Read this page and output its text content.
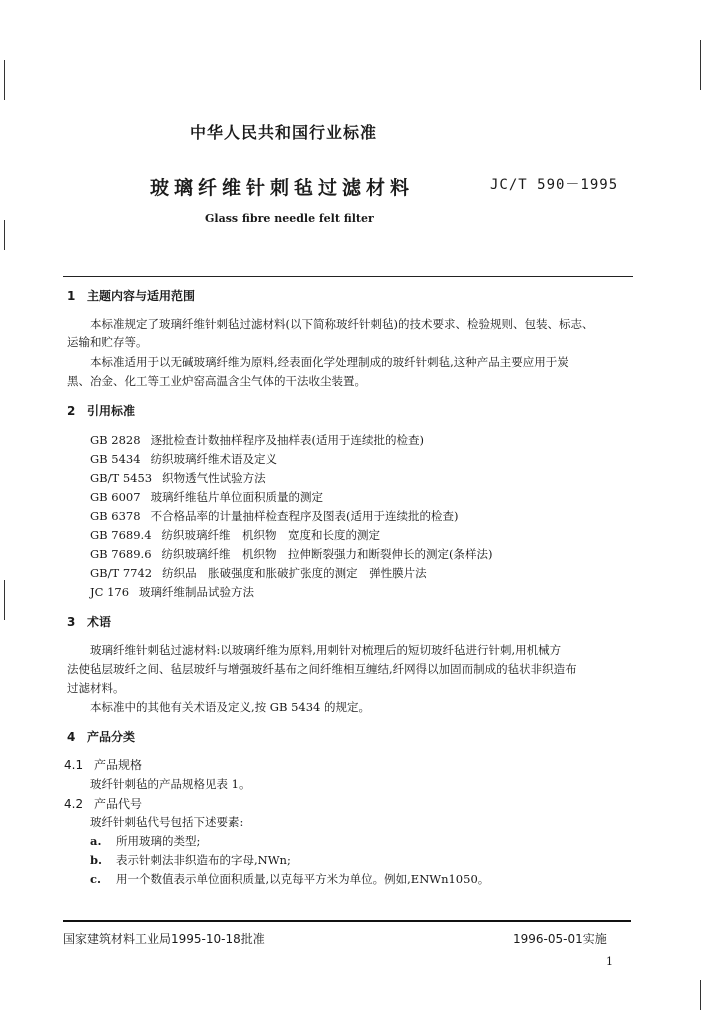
中华人民共和国行业标准
玻璃纤维针刺毡过滤材料	JC/T 590－1995
Glass fibre needle felt filter
1 主题内容与适用范围
本标准规定了玻璃纤维针刺毡过滤材料(以下简称玻纤针刺毡)的技术要求、检验规则、包装、标志、
运输和贮存等。
本标准适用于以无碱玻璃纤维为原料,经表面化学处理制成的玻纤针刺毡,这种产品主要应用于炭
黑、冶金、化工等工业炉窑高温含尘气体的干法收尘装置。
2 引用标准
GB 2828 逐批检查计数抽样程序及抽样表(适用于连续批的检查)
GB 5434 纺织玻璃纤维术语及定义
GB/T 5453 织物透气性试验方法
GB 6007 玻璃纤维毡片单位面积质量的测定
GB 6378 不合格品率的计量抽样检查程序及图表(适用于连续批的检查)
GB 7689.4 纺织玻璃纤维　机织物　宽度和长度的测定
GB 7689.6 纺织玻璃纤维　机织物　拉伸断裂强力和断裂伸长的测定(条样法)
GB/T 7742 纺织品　胀破强度和胀破扩张度的测定　弹性膜片法
JC 176 玻璃纤维制品试验方法
3 术语
玻璃纤维针刺毡过滤材料:以玻璃纤维为原料,用刺针对梳理后的短切玻纤毡进行针刺,用机械方
法使毡层玻纤之间、毡层玻纤与增强玻纤基布之间纤维相互缠结,纤网得以加固而制成的毡状非织造布
过滤材料。
本标准中的其他有关术语及定义,按 GB 5434 的规定。
4 产品分类
4.1 产品规格
玻纤针刺毡的产品规格见表 1。
4.2 产品代号
玻纤针刺毡代号包括下述要素:
a. 所用玻璃的类型;
b. 表示针刺法非织造布的字母,NWn;
c. 用一个数值表示单位面积质量,以克每平方米为单位。例如,ENWn1050。
国家建筑材料工业局1995-10-18批准	1996-05-01实施
1
